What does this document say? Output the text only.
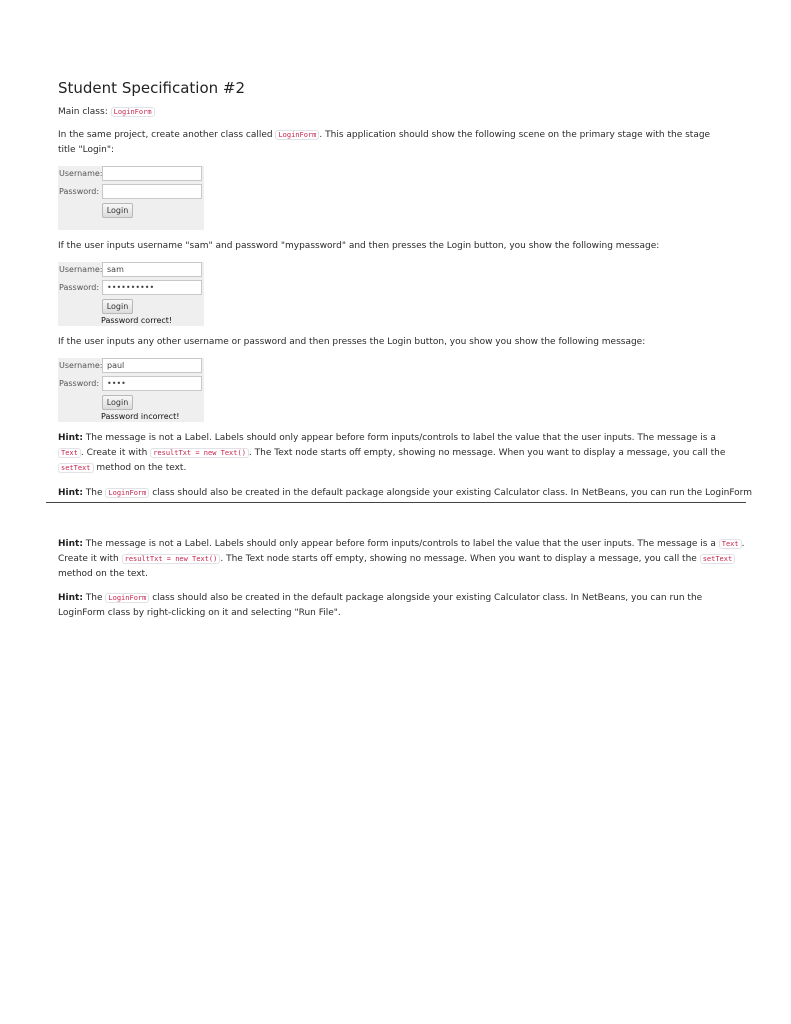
Student Specification #2

Main class: LoginForm

In the same project, create another class called LoginForm . This application should show the following scene on the primary stage with the stage title "Login":

Username:
Password:
Login

If the user inputs username "sam" and password "mypassword" and then presses the Login button, you show the following message:

Username: sam
Password: ••••••••••
Login
Password correct!

If the user inputs any other username or password and then presses the Login button, you show you show the following message:

Username: paul
Password: ••••
Login
Password incorrect!

Hint: The message is not a Label. Labels should only appear before form inputs/controls to label the value that the user inputs. The message is a Text . Create it with resultTxt = new Text() . The Text node starts off empty, showing no message. When you want to display a message, you call the setText method on the text.

Hint: The LoginForm class should also be created in the default package alongside your existing Calculator class. In NetBeans, you can run the LoginForm

Hint: The message is not a Label. Labels should only appear before form inputs/controls to label the value that the user inputs. The message is a Text . Create it with resultTxt = new Text() . The Text node starts off empty, showing no message. When you want to display a message, you call the setText method on the text.

Hint: The LoginForm class should also be created in the default package alongside your existing Calculator class. In NetBeans, you can run the LoginForm class by right-clicking on it and selecting "Run File".
